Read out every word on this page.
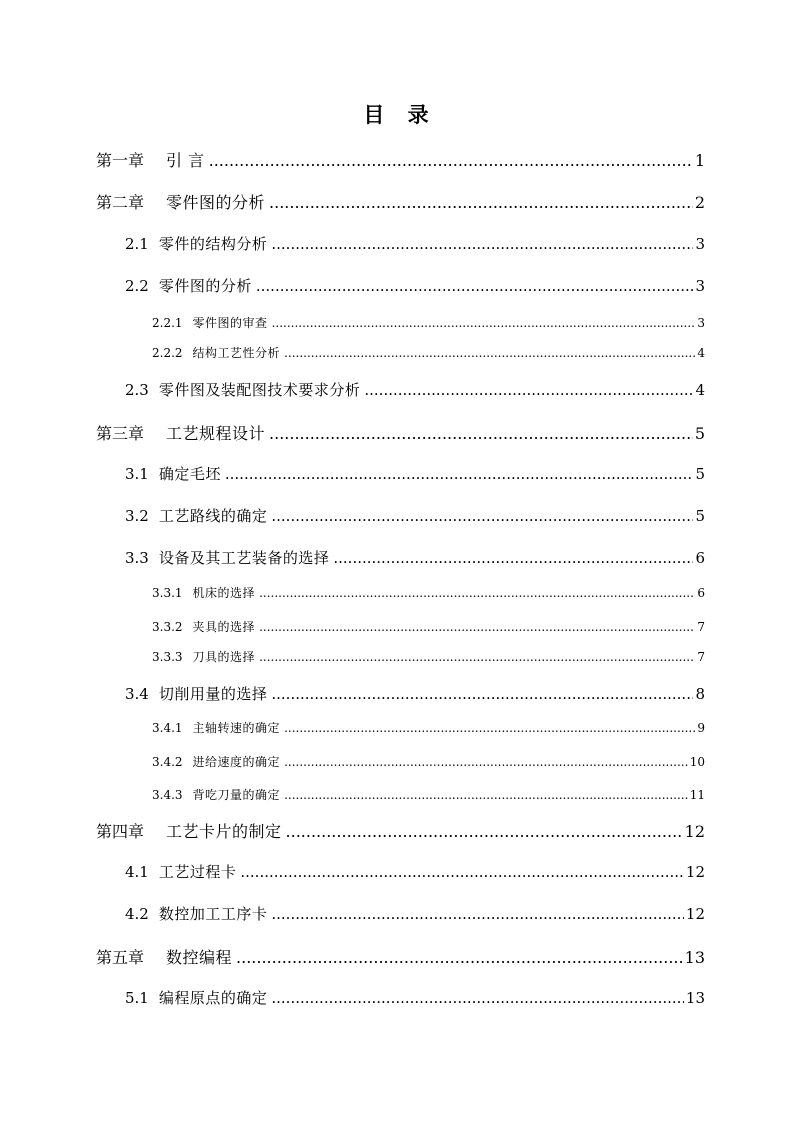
目 录
第一章 引 言 .....	1
第二章 零件图的分析 .....	2
2.1 零件的结构分析 .....	3
2.2 零件图的分析 .....	3
2.2.1 零件图的审查 .....	3
2.2.2 结构工艺性分析 .....	4
2.3 零件图及装配图技术要求分析 .....	4
第三章 工艺规程设计 .....	5
3.1 确定毛坯 .....	5
3.2 工艺路线的确定 .....	5
3.3 设备及其工艺装备的选择 .....	6
3.3.1 机床的选择 .....	6
3.3.2 夹具的选择 .....	7
3.3.3 刀具的选择 .....	7
3.4 切削用量的选择 .....	8
3.4.1 主轴转速的确定 .....	9
3.4.2 进给速度的确定 .....	10
3.4.3 背吃刀量的确定 .....	11
第四章 工艺卡片的制定 .....	12
4.1 工艺过程卡 .....	12
4.2 数控加工工序卡 .....	12
第五章 数控编程 .....	13
5.1 编程原点的确定 .....	13
